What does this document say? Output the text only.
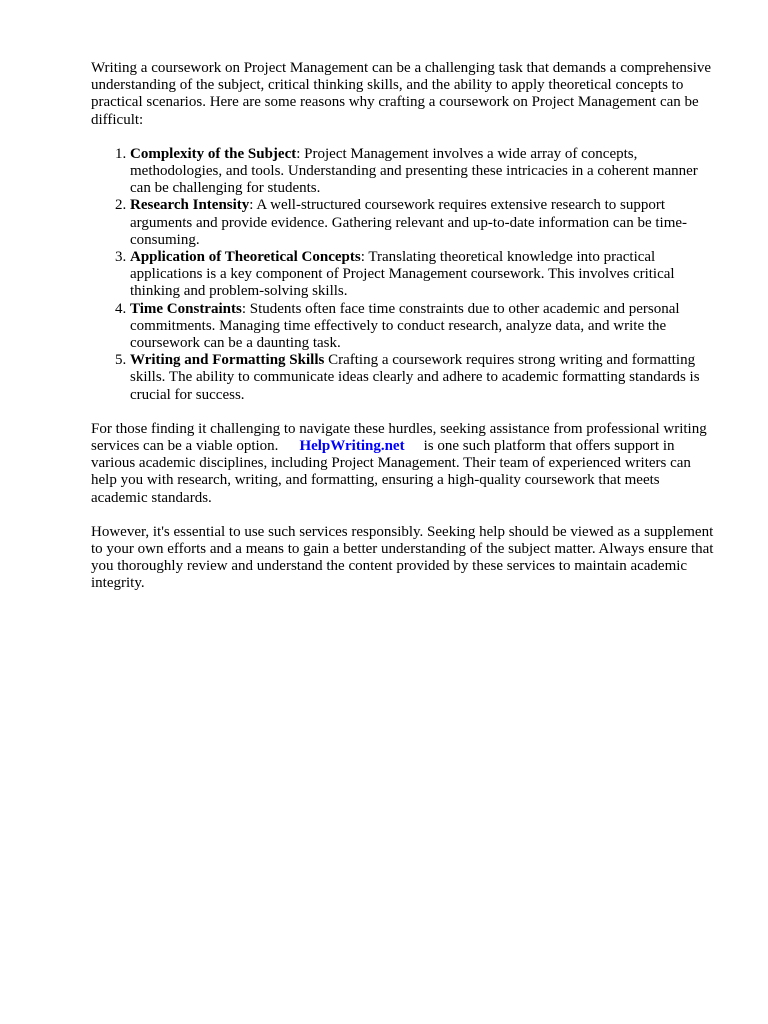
Writing a coursework on Project Management can be a challenging task that demands a comprehensive understanding of the subject, critical thinking skills, and the ability to apply theoretical concepts to practical scenarios. Here are some reasons why crafting a coursework on Project Management can be difficult:

1. Complexity of the Subject: Project Management involves a wide array of concepts, methodologies, and tools. Understanding and presenting these intricacies in a coherent manner can be challenging for students.
2. Research Intensity: A well-structured coursework requires extensive research to support arguments and provide evidence. Gathering relevant and up-to-date information can be time-consuming.
3. Application of Theoretical Concepts: Translating theoretical knowledge into practical applications is a key component of Project Management coursework. This involves critical thinking and problem-solving skills.
4. Time Constraints: Students often face time constraints due to other academic and personal commitments. Managing time effectively to conduct research, analyze data, and write the coursework can be a daunting task.
5. Writing and Formatting Skills Crafting a coursework requires strong writing and formatting skills. The ability to communicate ideas clearly and adhere to academic formatting standards is crucial for success.

For those finding it challenging to navigate these hurdles, seeking assistance from professional writing services can be a viable option. HelpWriting.net is one such platform that offers support in various academic disciplines, including Project Management. Their team of experienced writers can help you with research, writing, and formatting, ensuring a high-quality coursework that meets academic standards.

However, it's essential to use such services responsibly. Seeking help should be viewed as a supplement to your own efforts and a means to gain a better understanding of the subject matter. Always ensure that you thoroughly review and understand the content provided by these services to maintain academic integrity.
